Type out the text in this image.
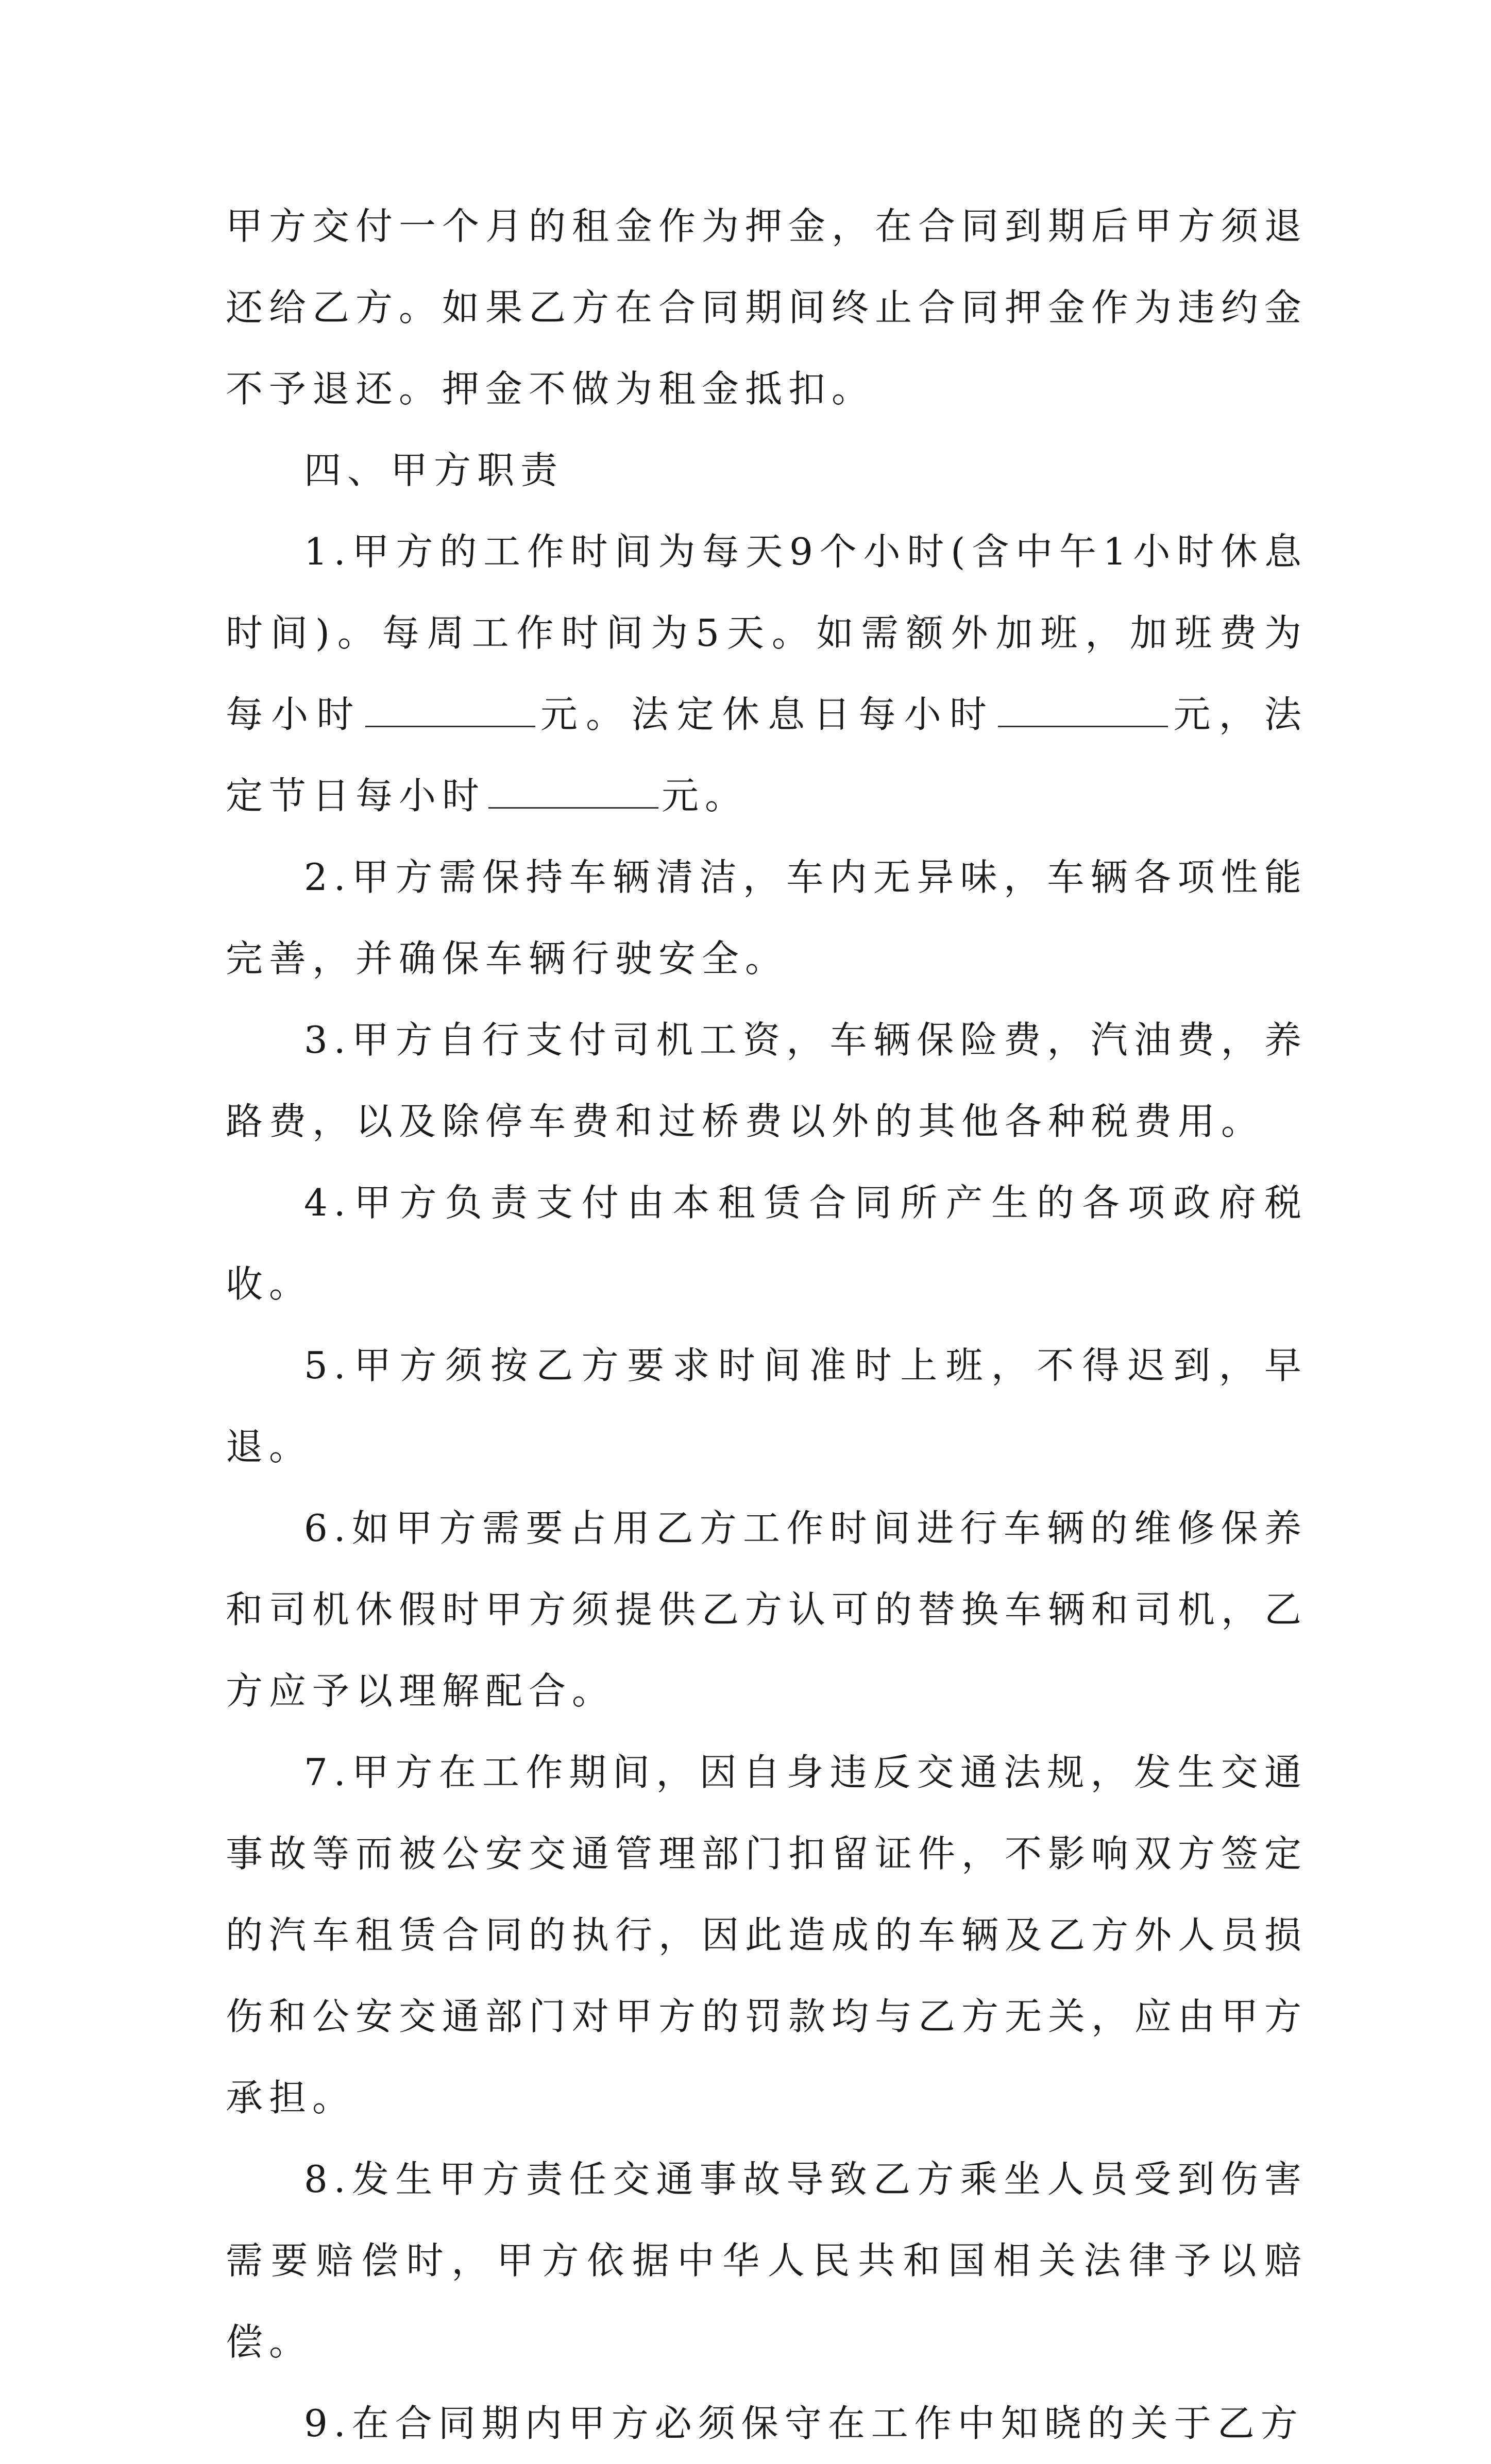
甲方交付一个月的租金作为押金，在合同到期后甲方须退还给乙方。如果乙方在合同期间终止合同押金作为违约金不予退还。押金不做为租金抵扣。

四、甲方职责

1.甲方的工作时间为每天9个小时(含中午1小时休息时间)。每周工作时间为5天。如需额外加班，加班费为每小时	元。法定休息日每小时	元，法定节日每小时	元。

2.甲方需保持车辆清洁，车内无异味，车辆各项性能完善，并确保车辆行驶安全。

3.甲方自行支付司机工资，车辆保险费，汽油费，养路费，以及除停车费和过桥费以外的其他各种税费用。

4.甲方负责支付由本租赁合同所产生的各项政府税收。

5.甲方须按乙方要求时间准时上班，不得迟到，早退。

6.如甲方需要占用乙方工作时间进行车辆的维修保养和司机休假时甲方须提供乙方认可的替换车辆和司机，乙方应予以理解配合。

7.甲方在工作期间，因自身违反交通法规，发生交通事故等而被公安交通管理部门扣留证件，不影响双方签定的汽车租赁合同的执行，因此造成的车辆及乙方外人员损伤和公安交通部门对甲方的罚款均与乙方无关，应由甲方承担。

8.发生甲方责任交通事故导致乙方乘坐人员受到伤害需要赔偿时，甲方依据中华人民共和国相关法律予以赔偿。

9.在合同期内甲方必须保守在工作中知晓的关于乙方
